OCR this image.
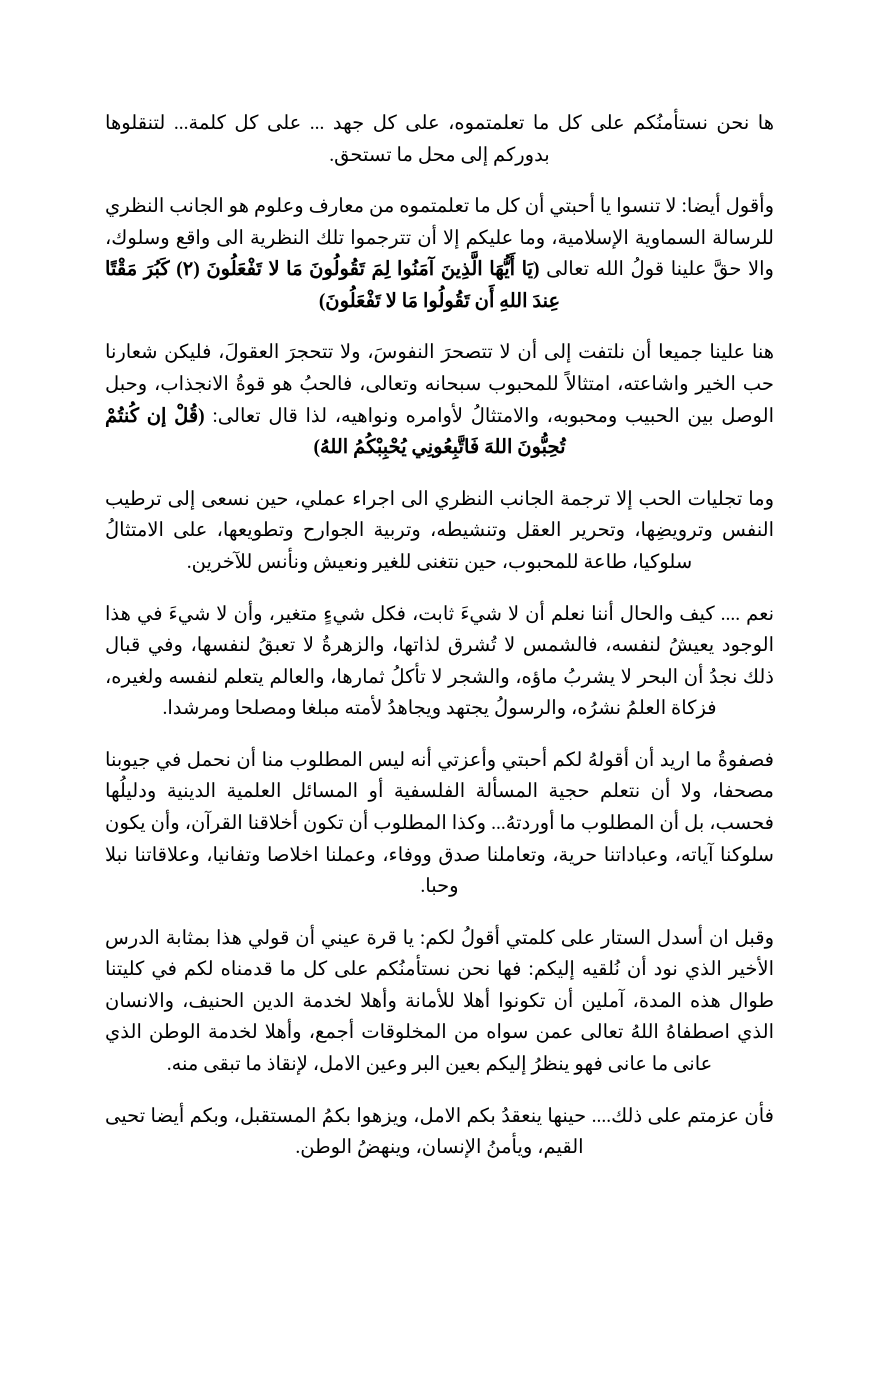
ها نحن نستأمنُكم على كل ما تعلمتموه، على كل جهد ... على كل كلمة... لتنقلوها بدوركم إلى محل ما تستحق.

وأقول أيضا: لا تنسوا يا أحبتي أن كل ما تعلمتموه من معارف وعلوم هو الجانب النظري للرسالة السماوية الإسلامية، وما عليكم إلا أن تترجموا تلك النظرية الى واقع وسلوك، والا حقَّ علينا قولُ الله تعالى (يَا أَيُّهَا الَّذِينَ آمَنُوا لِمَ تَقُولُونَ مَا لا تَفْعَلُونَ (٢) كَبُرَ مَقْتًا عِندَ اللهِ أَن تَقُولُوا مَا لا تَفْعَلُونَ)

هنا علينا جميعا أن نلتفت إلى أن لا تتصحرَ النفوسَ، ولا تتحجرَ العقولَ، فليكن شعارنا حب الخير واشاعته، امتثالاً للمحبوب سبحانه وتعالى، فالحبُ هو قوةُ الانجذاب، وحبل الوصل بين الحبيب ومحبوبه، والامتثالُ لأوامره ونواهيه، لذا قال تعالى: (قُلْ إن كُنتُمْ تُحِبُّونَ اللهَ فَاتَّبِعُونِي يُحْبِبْكُمُ اللهُ)

وما تجليات الحب إلا ترجمة الجانب النظري الى اجراء عملي، حين نسعى إلى ترطيب النفس وترويضِها، وتحرير العقل وتنشيطه، وتربية الجوارح وتطويعها، على الامتثالُ سلوكيا، طاعة للمحبوب، حين نتغنى للغير ونعيش ونأنس للآخرين.

نعم .... كيف والحال أننا نعلم أن لا شيءَ ثابت، فكل شيءٍ متغير، وأن لا شيءَ في هذا الوجود يعيشُ لنفسه، فالشمس لا تُشرق لذاتها، والزهرةُ لا تعبقُ لنفسها، وفي قبال ذلك نجدُ أن البحر لا يشربُ ماؤه، والشجر لا تأكلُ ثمارها، والعالم يتعلم لنفسه ولغيره، فزكاة العلمُ نشرُه، والرسولُ يجتهد ويجاهدُ لأمته مبلغا ومصلحا ومرشدا.

فصفوةُ ما اريد أن أقولهُ لكم أحبتي وأعزتي أنه ليس المطلوب منا أن نحمل في جيوبنا مصحفا، ولا أن نتعلم حجية المسألة الفلسفية أو المسائل العلمية الدينية ودليلُها فحسب، بل أن المطلوب ما أوردتهُ... وكذا المطلوب أن تكون أخلاقنا القرآن، وأن يكون سلوكنا آياته، وعباداتنا حرية، وتعاملنا صدق ووفاء، وعملنا اخلاصا وتفانيا، وعلاقاتنا نبلا وحبا.

وقبل ان أسدل الستار على كلمتي أقولُ لكم: يا قرة عيني أن قولي هذا بمثابة الدرس الأخير الذي نود أن نُلقيه إليكم: فها نحن نستأمنُكم على كل ما قدمناه لكم في كليتنا طوال هذه المدة، آملين أن تكونوا أهلا للأمانة وأهلا لخدمة الدين الحنيف، والانسان الذي اصطفاهُ اللهُ تعالى عمن سواه من المخلوقات أجمع، وأهلا لخدمة الوطن الذي عانى ما عانى فهو ينظرُ إليكم بعين البر وعين الامل، لإنقاذ ما تبقى منه.

فأن عزمتم على ذلك.... حينها ينعقدُ بكم الامل، ويزهوا بكمُ المستقبل، وبكم أيضا تحيى القيم، ويأمنُ الإنسان، وينهضُ الوطن.
